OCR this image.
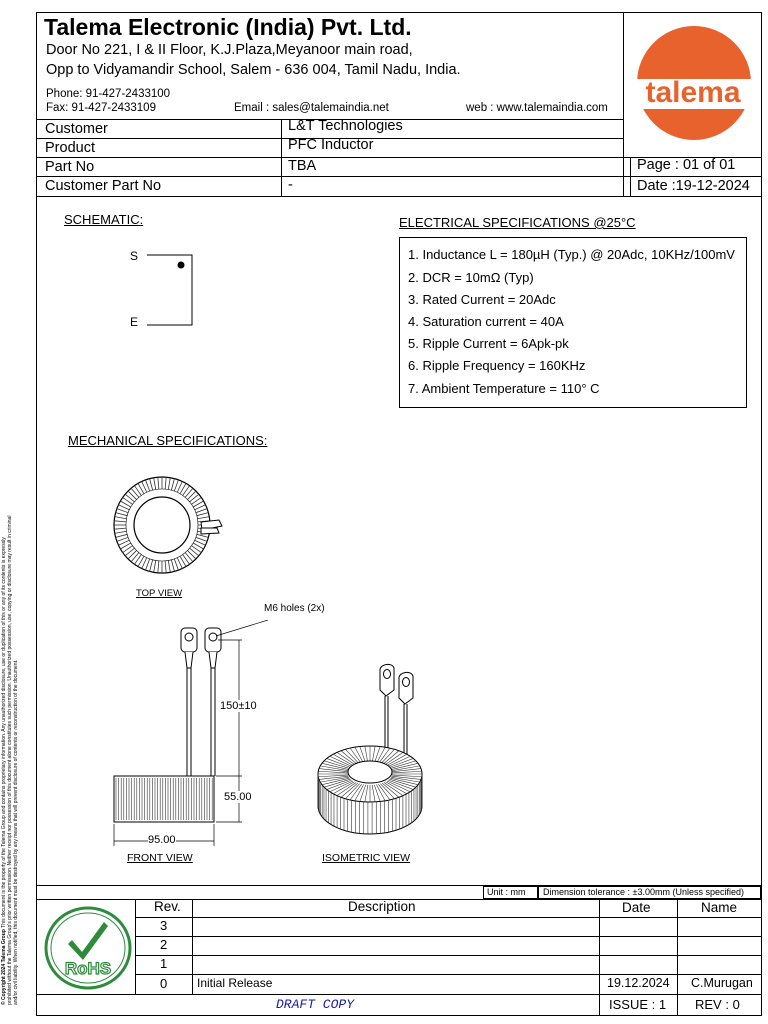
Talema Electronic (India) Pvt. Ltd.
Door No 221, I & II Floor, K.J.Plaza,Meyanoor main road,
Opp to Vidyamandir School, Salem - 636 004, Tamil Nadu, India.
Phone: 91-427-2433100
Fax: 91-427-2433109	Email : sales@talemaindia.net	web : www.talemaindia.com talema
Customer	L&T Technologies
Product	PFC Inductor
Part No	TBA	Page : 01 of 01
Customer Part No	-	Date :19-12-2024
SCHEMATIC:
S
E
ELECTRICAL SPECIFICATIONS @25°C
1. Inductance L = 180µH (Typ.) @ 20Adc, 10KHz/100mV
2. DCR = 10mΩ (Typ)
3. Rated Current = 20Adc
4. Saturation current = 40A
5. Ripple Current = 6Apk-pk
6. Ripple Frequency = 160KHz
7. Ambient Temperature = 110° C
MECHANICAL SPECIFICATIONS:
TOP VIEW
M6 holes (2x)
150±10
55.00
95.00
FRONT VIEW	ISOMETRIC VIEW
Unit : mm Dimension tolerance : ±3.00mm (Unless specified)
Rev.	Description	Date	Name
3
2
1
0 Initial Release	19.12.2024 C.Murugan
RoHS
DRAFT COPY	ISSUE : 1 REV : 0
© Copyright 2024 Talema Group This document is the property of the Talema Group and contains proprietary information. Any unauthorized disclosure, use or duplication of this or any of its contents is expressly prohibited without the Talema Group's prior written permission. Neither receipt nor possession of this document alone constitutes such permission. Unauthorized possession, use, copying or disclosure may result in criminal and/or civil liability. When notified, this document must be destroyed by any means that will prevent disclosure of contents or reconstruction of the document.
